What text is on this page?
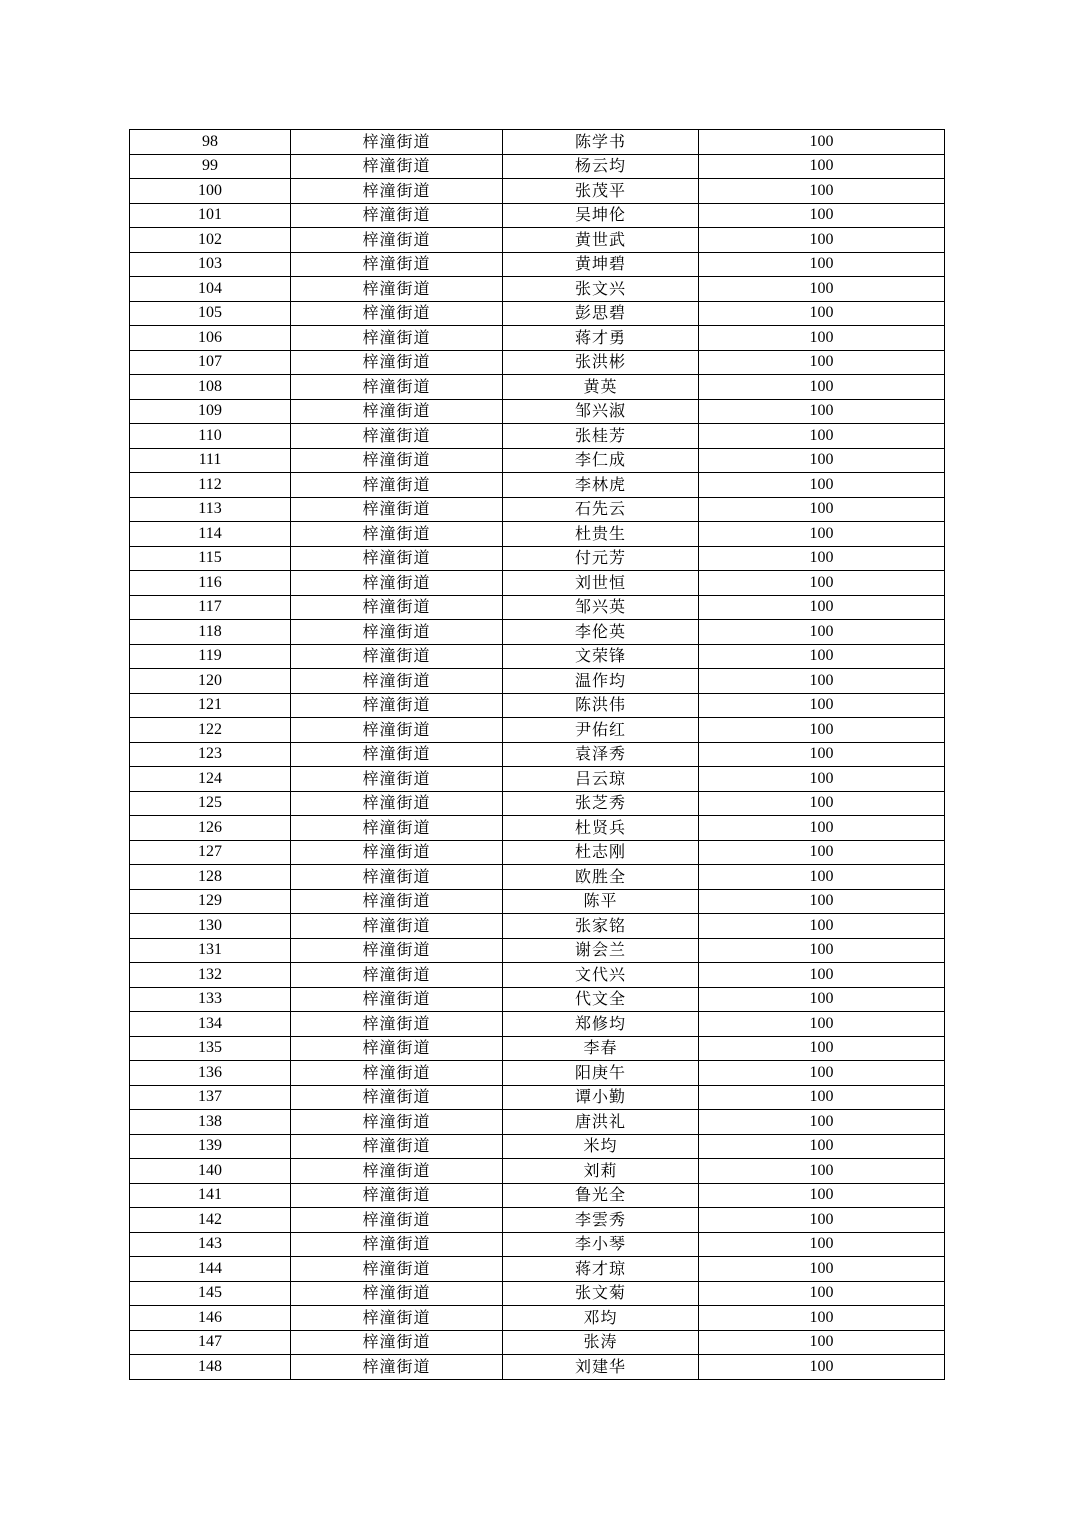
98	梓潼街道	陈学书	100
99	梓潼街道	杨云均	100
100	梓潼街道	张茂平	100
101	梓潼街道	吴坤伦	100
102	梓潼街道	黄世武	100
103	梓潼街道	黄坤碧	100
104	梓潼街道	张文兴	100
105	梓潼街道	彭思碧	100
106	梓潼街道	蒋才勇	100
107	梓潼街道	张洪彬	100
108	梓潼街道	黄英	100
109	梓潼街道	邹兴淑	100
110	梓潼街道	张桂芳	100
111	梓潼街道	李仁成	100
112	梓潼街道	李林虎	100
113	梓潼街道	石先云	100
114	梓潼街道	杜贵生	100
115	梓潼街道	付元芳	100
116	梓潼街道	刘世恒	100
117	梓潼街道	邹兴英	100
118	梓潼街道	李伦英	100
119	梓潼街道	文荣锋	100
120	梓潼街道	温作均	100
121	梓潼街道	陈洪伟	100
122	梓潼街道	尹佑红	100
123	梓潼街道	袁泽秀	100
124	梓潼街道	吕云琼	100
125	梓潼街道	张芝秀	100
126	梓潼街道	杜贤兵	100
127	梓潼街道	杜志刚	100
128	梓潼街道	欧胜全	100
129	梓潼街道	陈平	100
130	梓潼街道	张家铭	100
131	梓潼街道	谢会兰	100
132	梓潼街道	文代兴	100
133	梓潼街道	代文全	100
134	梓潼街道	郑修均	100
135	梓潼街道	李春	100
136	梓潼街道	阳庚午	100
137	梓潼街道	谭小勤	100
138	梓潼街道	唐洪礼	100
139	梓潼街道	米均	100
140	梓潼街道	刘莉	100
141	梓潼街道	鲁光全	100
142	梓潼街道	李雲秀	100
143	梓潼街道	李小琴	100
144	梓潼街道	蒋才琼	100
145	梓潼街道	张文菊	100
146	梓潼街道	邓均	100
147	梓潼街道	张涛	100
148	梓潼街道	刘建华	100
